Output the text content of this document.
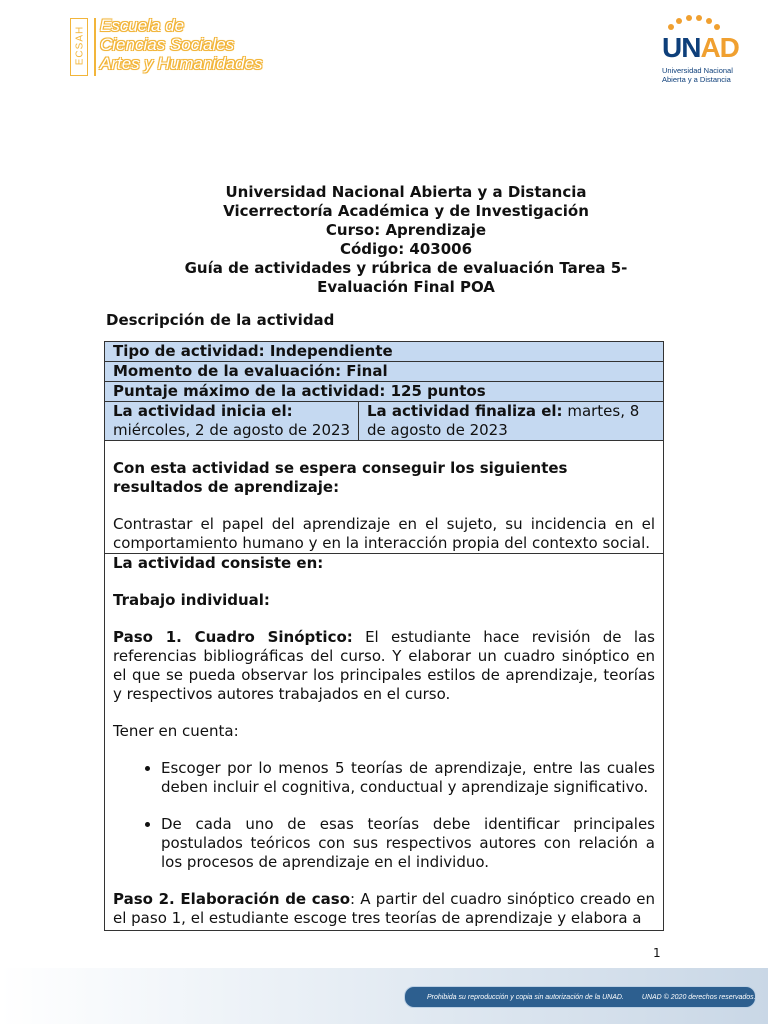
ECSAH
Escuela de
Ciencias Sociales
Artes y Humanidades
UNAD
Universidad Nacional
Abierta y a Distancia
Universidad Nacional Abierta y a Distancia
Vicerrectoría Académica y de Investigación
Curso: Aprendizaje
Código: 403006
Guía de actividades y rúbrica de evaluación Tarea 5-
Evaluación Final POA
Descripción de la actividad
Tipo de actividad: Independiente
Momento de la evaluación: Final
Puntaje máximo de la actividad: 125 puntos
La actividad inicia el:
miércoles, 2 de agosto de 2023
La actividad finaliza el: martes, 8 de agosto de 2023
Con esta actividad se espera conseguir los siguientes resultados de aprendizaje:
Contrastar el papel del aprendizaje en el sujeto, su incidencia en el comportamiento humano y en la interacción propia del contexto social.
La actividad consiste en:
Trabajo individual:

Paso 1. Cuadro Sinóptico: El estudiante hace revisión de las referencias bibliográficas del curso. Y elaborar un cuadro sinóptico en el que se pueda observar los principales estilos de aprendizaje, teorías y respectivos autores trabajados en el curso.

Tener en cuenta:

• Escoger por lo menos 5 teorías de aprendizaje, entre las cuales deben incluir el cognitiva, conductual y aprendizaje significativo.
• De cada uno de esas teorías debe identificar principales postulados teóricos con sus respectivos autores con relación a los procesos de aprendizaje en el individuo.

Paso 2. Elaboración de caso: A partir del cuadro sinóptico creado en el paso 1, el estudiante escoge tres teorías de aprendizaje y elabora a

1
Prohibida su reproducción y copia sin autorización de la UNAD.	UNAD © 2020 derechos reservados.
